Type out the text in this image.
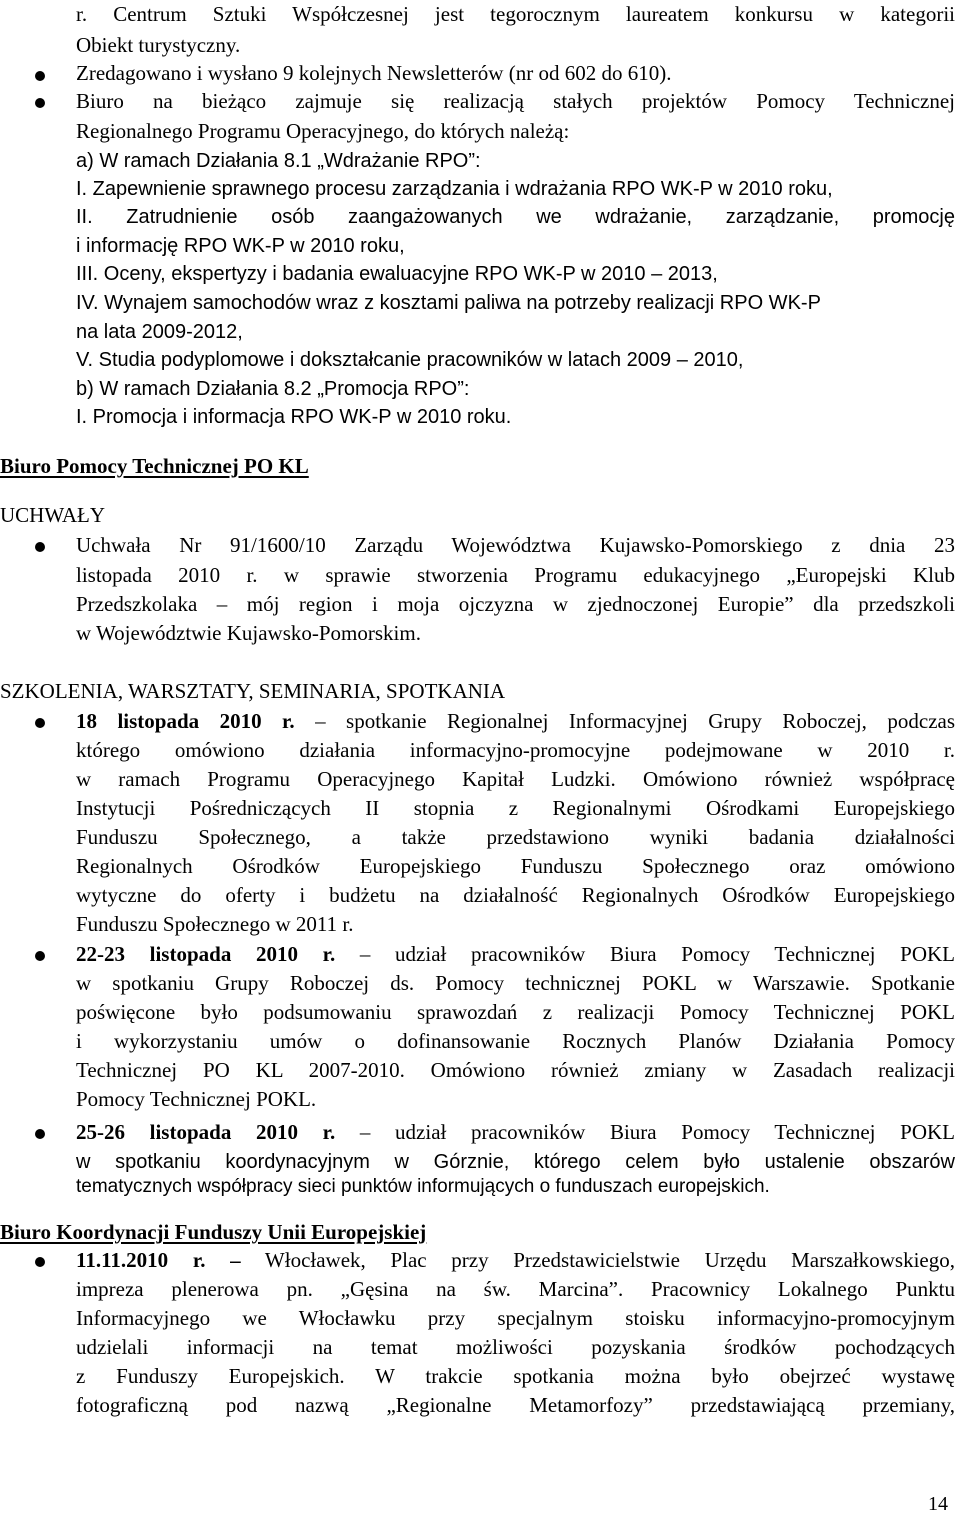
r. Centrum Sztuki Współczesnej jest tegorocznym laureatem konkursu w kategorii
Obiekt turystyczny.
Zredagowano i wysłano 9 kolejnych Newsletterów (nr od 602 do 610).
Biuro na bieżąco zajmuje się realizacją stałych projektów Pomocy Technicznej
Regionalnego Programu Operacyjnego, do których należą:
a) W ramach Działania 8.1 „Wdrażanie RPO”:
I. Zapewnienie sprawnego procesu zarządzania i wdrażania RPO WK-P w 2010 roku,
II. Zatrudnienie osób zaangażowanych we wdrażanie, zarządzanie, promocję
i informację RPO WK-P w 2010 roku,
III. Oceny, ekspertyzy i badania ewaluacyjne RPO WK-P w 2010 – 2013,
IV. Wynajem samochodów wraz z kosztami paliwa na potrzeby realizacji RPO WK-P
na lata 2009-2012,
V. Studia podyplomowe i dokształcanie pracowników w latach 2009 – 2010,
b) W ramach Działania 8.2 „Promocja RPO”:
I. Promocja i informacja RPO WK-P w 2010 roku.
Biuro Pomocy Technicznej PO KL
UCHWAŁY
Uchwała Nr 91/1600/10 Zarządu Województwa Kujawsko-Pomorskiego z dnia 23
listopada 2010 r. w sprawie stworzenia Programu edukacyjnego „Europejski Klub
Przedszkolaka – mój region i moja ojczyzna w zjednoczonej Europie” dla przedszkoli
w Województwie Kujawsko-Pomorskim.
SZKOLENIA, WARSZTATY, SEMINARIA, SPOTKANIA
18 listopada 2010 r. – spotkanie Regionalnej Informacyjnej Grupy Roboczej, podczas
którego omówiono działania informacyjno-promocyjne podejmowane w 2010 r.
w ramach Programu Operacyjnego Kapitał Ludzki. Omówiono również współpracę
Instytucji Pośredniczących II stopnia z Regionalnymi Ośrodkami Europejskiego
Funduszu Społecznego, a także przedstawiono wyniki badania działalności
Regionalnych Ośrodków Europejskiego Funduszu Społecznego oraz omówiono
wytyczne do oferty i budżetu na działalność Regionalnych Ośrodków Europejskiego
Funduszu Społecznego w 2011 r.
22-23 listopada 2010 r. – udział pracowników Biura Pomocy Technicznej POKL
w spotkaniu Grupy Roboczej ds. Pomocy technicznej POKL w Warszawie. Spotkanie
poświęcone było podsumowaniu sprawozdań z realizacji Pomocy Technicznej POKL
i wykorzystaniu umów o dofinansowanie Rocznych Planów Działania Pomocy
Technicznej PO KL 2007-2010. Omówiono również zmiany w Zasadach realizacji
Pomocy Technicznej POKL.
25-26 listopada 2010 r. – udział pracowników Biura Pomocy Technicznej POKL
w spotkaniu koordynacyjnym w Górznie, którego celem było ustalenie obszarów
tematycznych współpracy sieci punktów informujących o funduszach europejskich.
Biuro Koordynacji Funduszy Unii Europejskiej
11.11.2010 r. – Włocławek, Plac przy Przedstawicielstwie Urzędu Marszałkowskiego,
impreza plenerowa pn. „Gęsina na św. Marcina”. Pracownicy Lokalnego Punktu
Informacyjnego we Włocławku przy specjalnym stoisku informacyjno-promocyjnym
udzielali informacji na temat możliwości pozyskania środków pochodzących
z Funduszy Europejskich. W trakcie spotkania można było obejrzeć wystawę
fotograficzną pod nazwą „Regionalne Metamorfozy” przedstawiającą przemiany,
14
